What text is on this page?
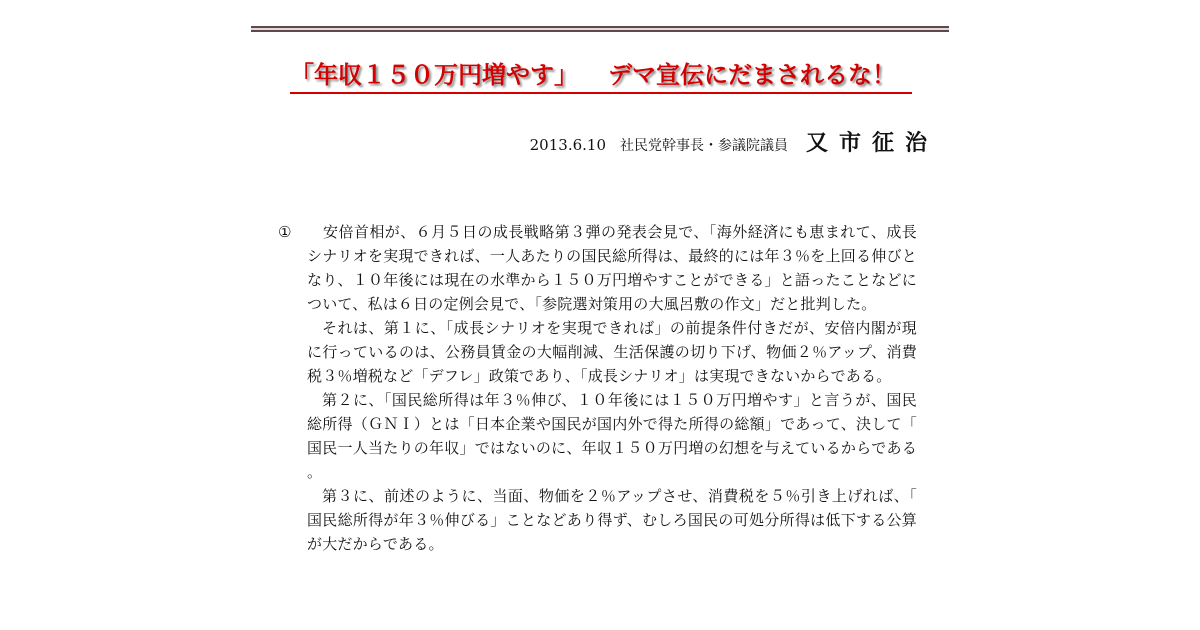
「年収１５０万円増やす」 デマ宣伝にだまされるな！
2013.6.10 社民党幹事長・参議院議員 又市征治
①	安倍首相が、６月５日の成長戦略第３弾の発表会見で、「海外経済にも恵まれて、成長シナリオを実現できれば、一人あたりの国民総所得は、最終的には年３％を上回る伸びとなり、１０年後には現在の水準から１５０万円増やすことができる」と語ったことなどについて、私は６日の定例会見で、「参院選対策用の大風呂敷の作文」だと批判した。

それは、第１に、「成長シナリオを実現できれば」の前提条件付きだが、安倍内閣が現に行っているのは、公務員賃金の大幅削減、生活保護の切り下げ、物価２％アップ、消費税３％増税など「デフレ」政策であり、「成長シナリオ」は実現できないからである。

第２に、「国民総所得は年３％伸び、１０年後には１５０万円増やす」と言うが、国民総所得（ＧＮＩ）とは「日本企業や国民が国内外で得た所得の総額」であって、決して「国民一人当たりの年収」ではないのに、年収１５０万円増の幻想を与えているからである。

第３に、前述のように、当面、物価を２％アップさせ、消費税を５％引き上げれば、「国民総所得が年３％伸びる」ことなどあり得ず、むしろ国民の可処分所得は低下する公算が大だからである。
